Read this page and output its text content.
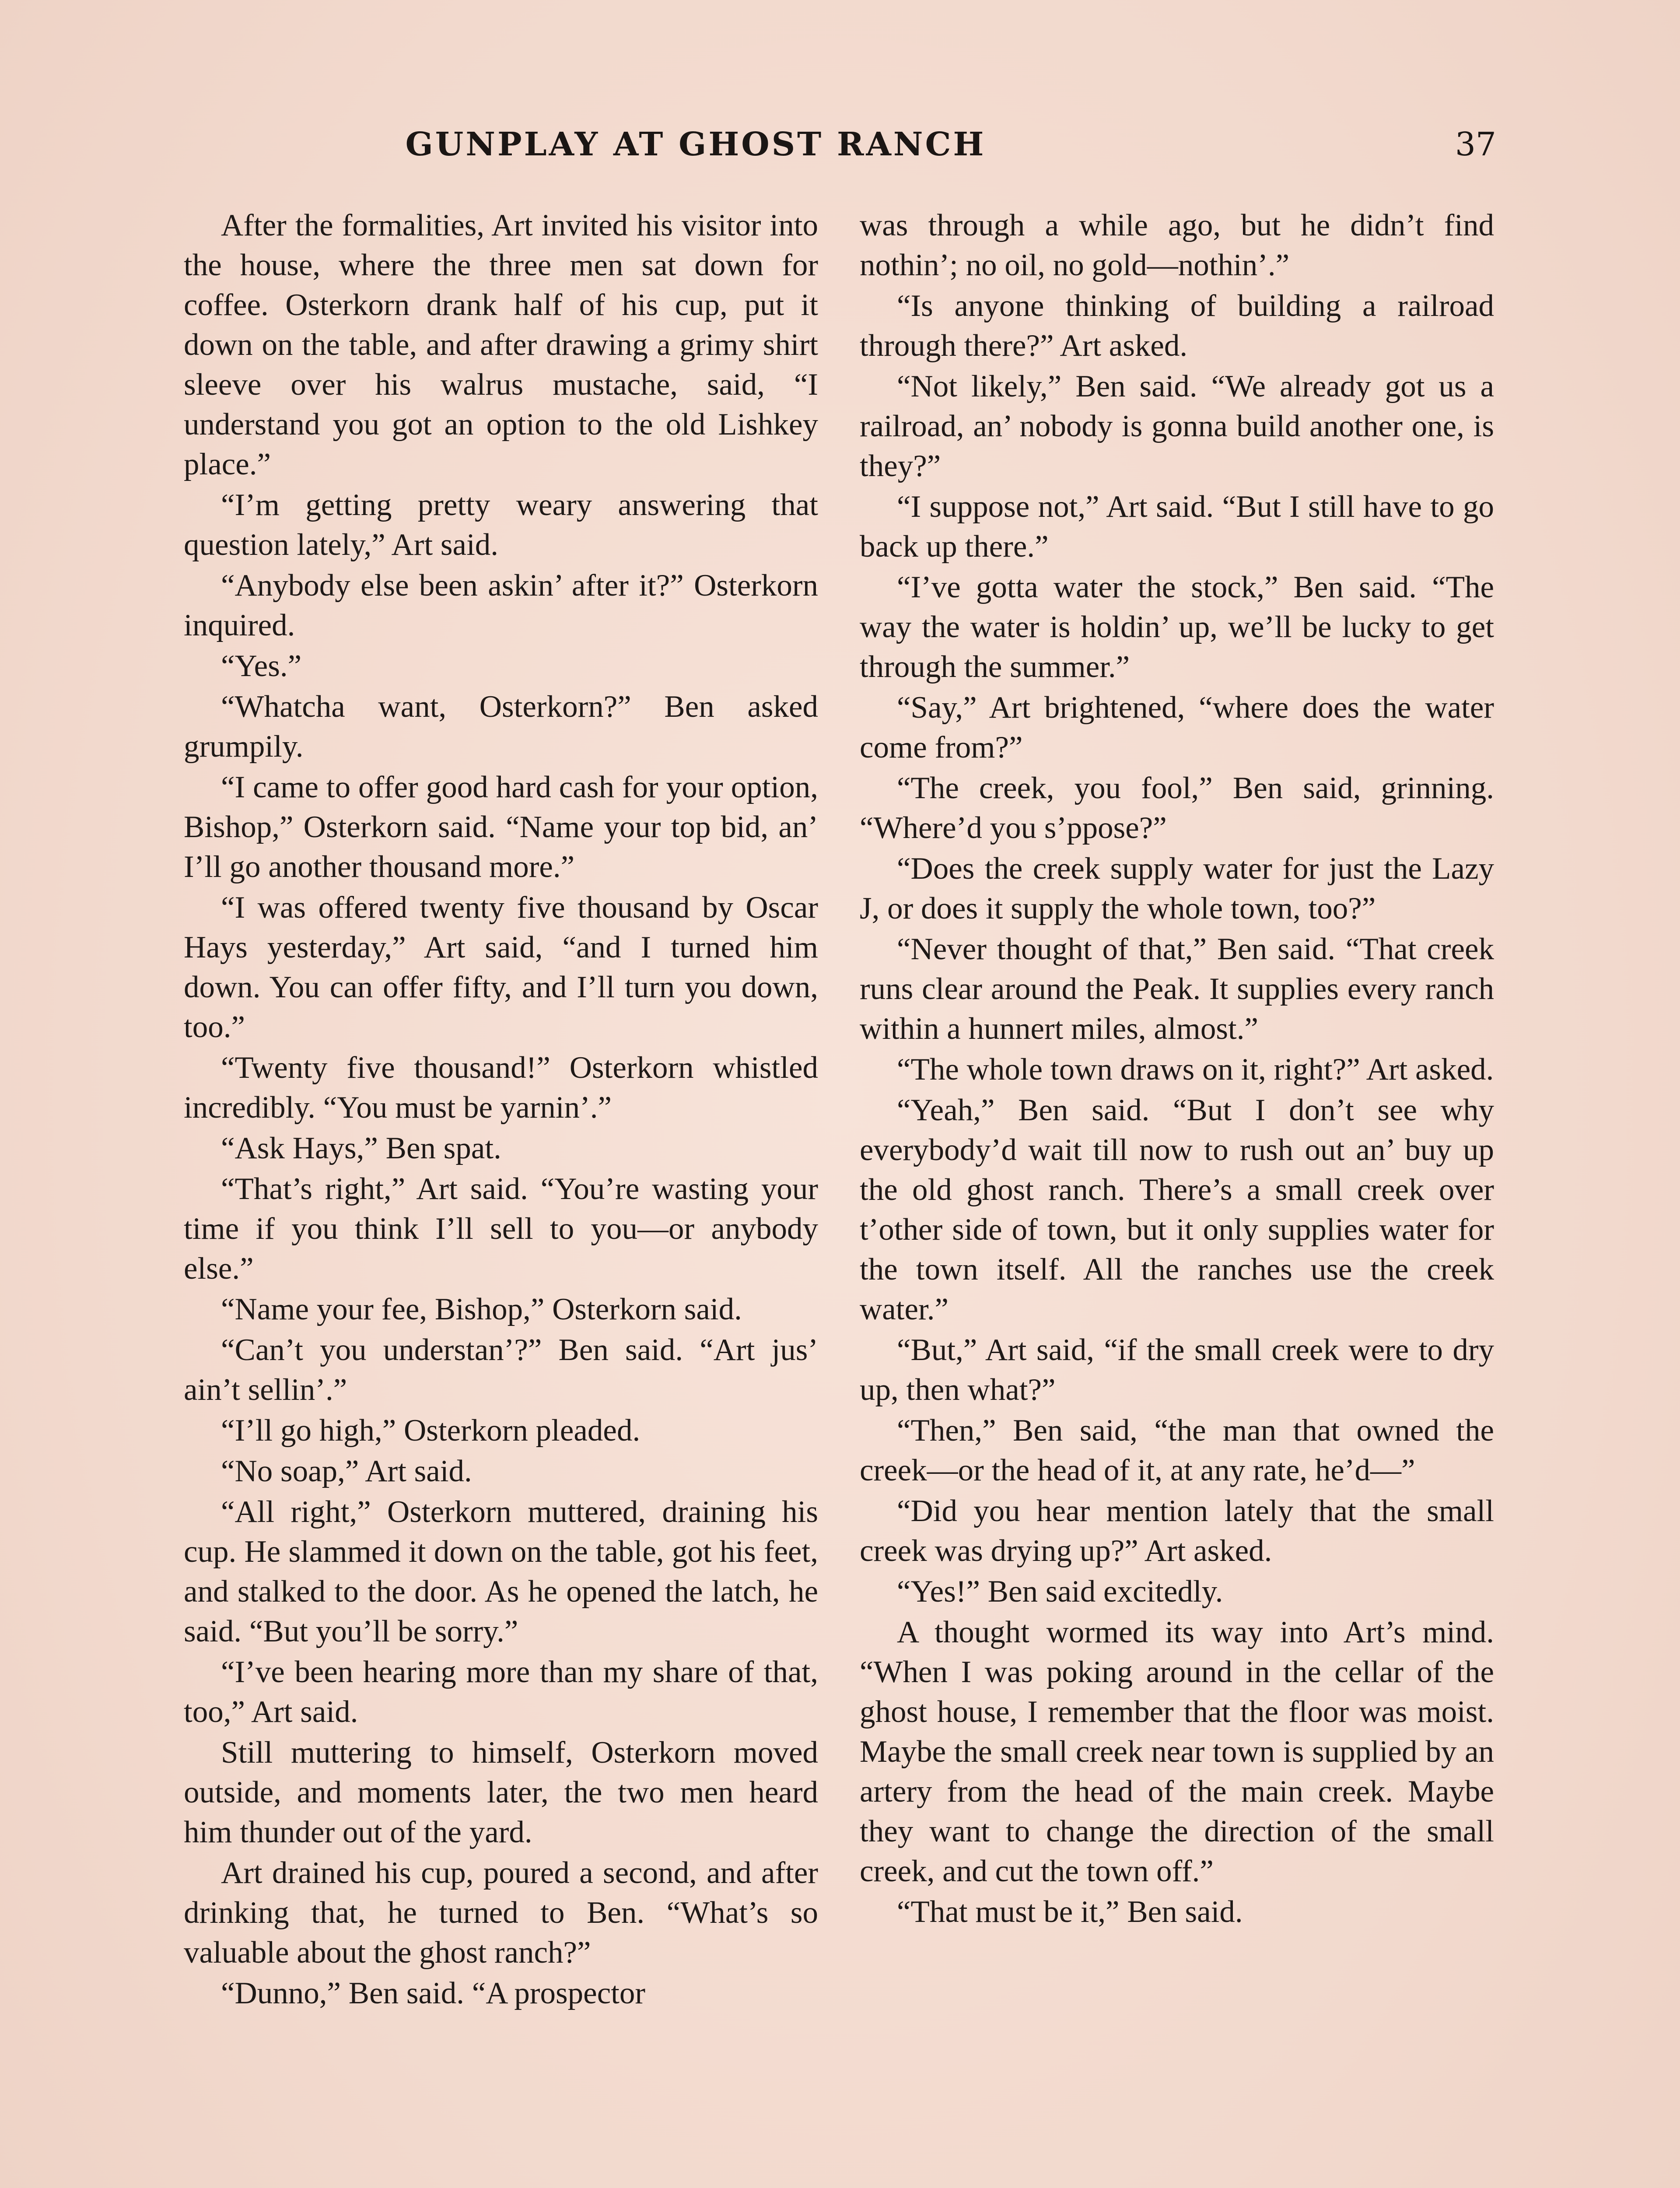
GUNPLAY AT GHOST RANCH	37

After the formalities, Art invited his visitor into the house, where the three men sat down for coffee. Osterkorn drank half of his cup, put it down on the table, and after drawing a grimy shirt sleeve over his walrus mustache, said, “I understand you got an option to the old Lishkey place.”

“I’m getting pretty weary answering that question lately,” Art said.

“Anybody else been askin’ after it?” Osterkorn inquired.

“Yes.”

“Whatcha want, Osterkorn?” Ben asked grumpily.

“I came to offer good hard cash for your option, Bishop,” Osterkorn said. “Name your top bid, an’ I’ll go another thousand more.”

“I was offered twenty five thousand by Oscar Hays yesterday,” Art said, “and I turned him down. You can offer fifty, and I’ll turn you down, too.”

“Twenty five thousand!” Osterkorn whistled incredibly. “You must be yarnin’.”

“Ask Hays,” Ben spat.

“That’s right,” Art said. “You’re wasting your time if you think I’ll sell to you—or anybody else.”

“Name your fee, Bishop,” Osterkorn said.

“Can’t you understan’?” Ben said. “Art jus’ ain’t sellin’.”

“I’ll go high,” Osterkorn pleaded.

“No soap,” Art said.

“All right,” Osterkorn muttered, draining his cup. He slammed it down on the table, got his feet, and stalked to the door. As he opened the latch, he said. “But you’ll be sorry.”

“I’ve been hearing more than my share of that, too,” Art said.

Still muttering to himself, Osterkorn moved outside, and moments later, the two men heard him thunder out of the yard.

Art drained his cup, poured a second, and after drinking that, he turned to Ben. “What’s so valuable about the ghost ranch?”

“Dunno,” Ben said. “A prospector

was through a while ago, but he didn’t find nothin’; no oil, no gold—nothin’.”

“Is anyone thinking of building a railroad through there?” Art asked.

“Not likely,” Ben said. “We already got us a railroad, an’ nobody is gonna build another one, is they?”

“I suppose not,” Art said. “But I still have to go back up there.”

“I’ve gotta water the stock,” Ben said. “The way the water is holdin’ up, we’ll be lucky to get through the summer.”

“Say,” Art brightened, “where does the water come from?”

“The creek, you fool,” Ben said, grinning. “Where’d you s’ppose?”

“Does the creek supply water for just the Lazy J, or does it supply the whole town, too?”

“Never thought of that,” Ben said. “That creek runs clear around the Peak. It supplies every ranch within a hunnert miles, almost.”

“The whole town draws on it, right?” Art asked.

“Yeah,” Ben said. “But I don’t see why everybody’d wait till now to rush out an’ buy up the old ghost ranch. There’s a small creek over t’other side of town, but it only supplies water for the town itself. All the ranches use the creek water.”

“But,” Art said, “if the small creek were to dry up, then what?”

“Then,” Ben said, “the man that owned the creek—or the head of it, at any rate, he’d—”

“Did you hear mention lately that the small creek was drying up?” Art asked.

“Yes!” Ben said excitedly.

A thought wormed its way into Art’s mind. “When I was poking around in the cellar of the ghost house, I remember that the floor was moist. Maybe the small creek near town is supplied by an artery from the head of the main creek. Maybe they want to change the direction of the small creek, and cut the town off.”

“That must be it,” Ben said.
